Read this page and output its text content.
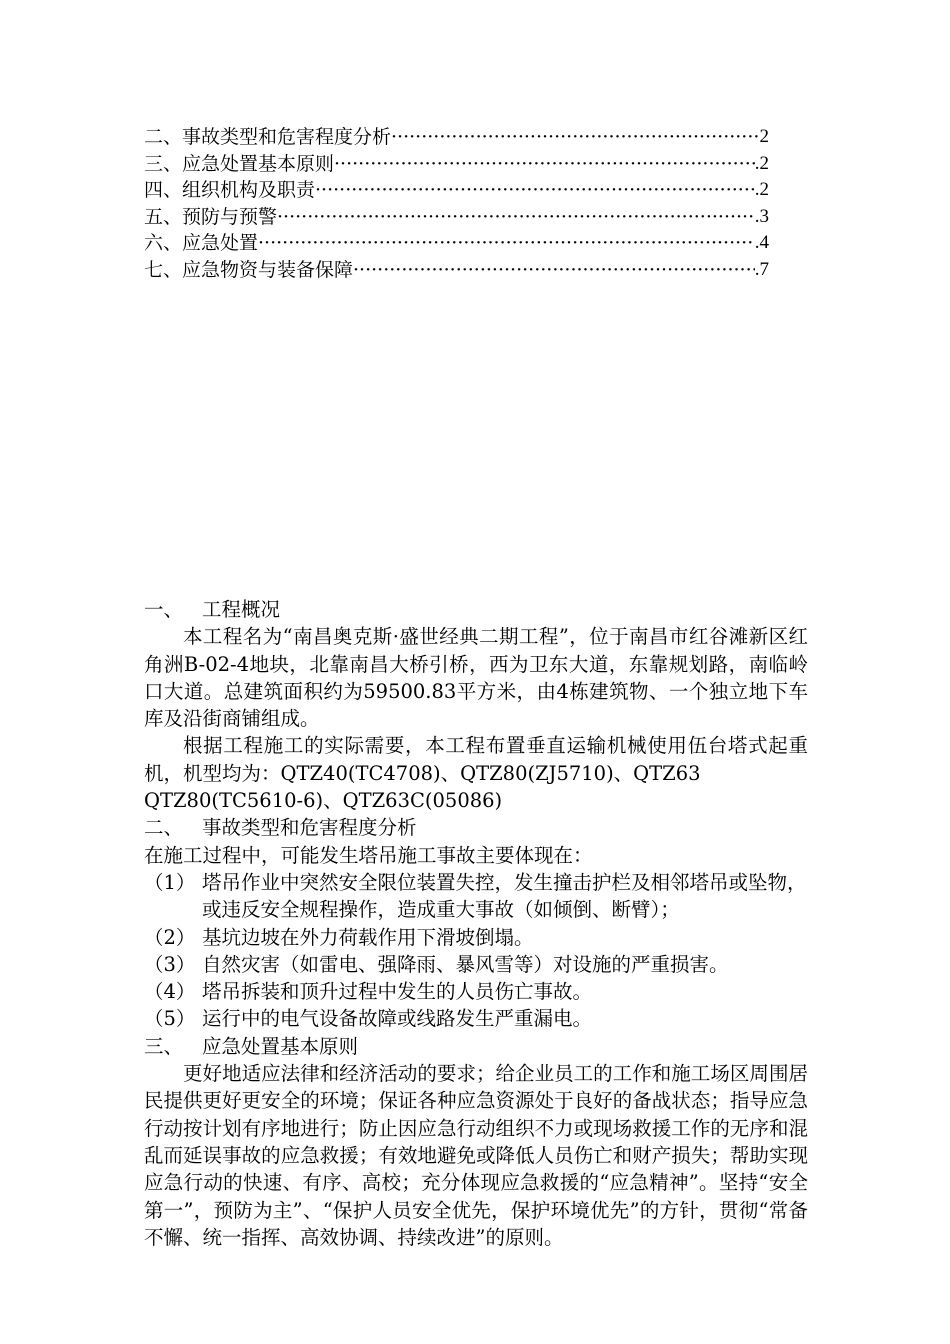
二、事故类型和危害程度分析 ·····	2
三、应急处置基本原则 ·····	.2
四、组织机构及职责 ·····	.2
五、预防与预警 ·····	.3
六、应急处置 ·····	.4
七、应急物资与装备保障 ·····	.7
一、 工程概况

本工程名为“南昌奥克斯·盛世经典二期工程”，位于南昌市红谷滩新区红角洲B-02-4地块，北靠南昌大桥引桥，西为卫东大道，东靠规划路，南临岭口大道。总建筑面积约为59500.83平方米，由4栋建筑物、一个独立地下车库及沿街商铺组成。

根据工程施工的实际需要，本工程布置垂直运输机械使用伍台塔式起重机，机型均为：QTZ40(TC4708)、QTZ80(ZJ5710)、QTZ63

QTZ80(TC5610-6)、QTZ63C(05086)

二、 事故类型和危害程度分析

在施工过程中，可能发生塔吊施工事故主要体现在：

（1） 塔吊作业中突然安全限位装置失控，发生撞击护栏及相邻塔吊或坠物，或违反安全规程操作，造成重大事故（如倾倒、断臂）；
（2） 基坑边坡在外力荷载作用下滑坡倒塌。
（3） 自然灾害（如雷电、强降雨、暴风雪等）对设施的严重损害。
（4） 塔吊拆装和顶升过程中发生的人员伤亡事故。
（5） 运行中的电气设备故障或线路发生严重漏电。
三、 应急处置基本原则

更好地适应法律和经济活动的要求；给企业员工的工作和施工场区周围居民提供更好更安全的环境；保证各种应急资源处于良好的备战状态；指导应急行动按计划有序地进行；防止因应急行动组织不力或现场救援工作的无序和混乱而延误事故的应急救援；有效地避免或降低人员伤亡和财产损失；帮助实现应急行动的快速、有序、高校；充分体现应急救援的“应急精神”。坚持“安全第一”，预防为主”、“保护人员安全优先，保护环境优先”的方针，贯彻“常备不懈、统一指挥、高效协调、持续改进”的原则。
